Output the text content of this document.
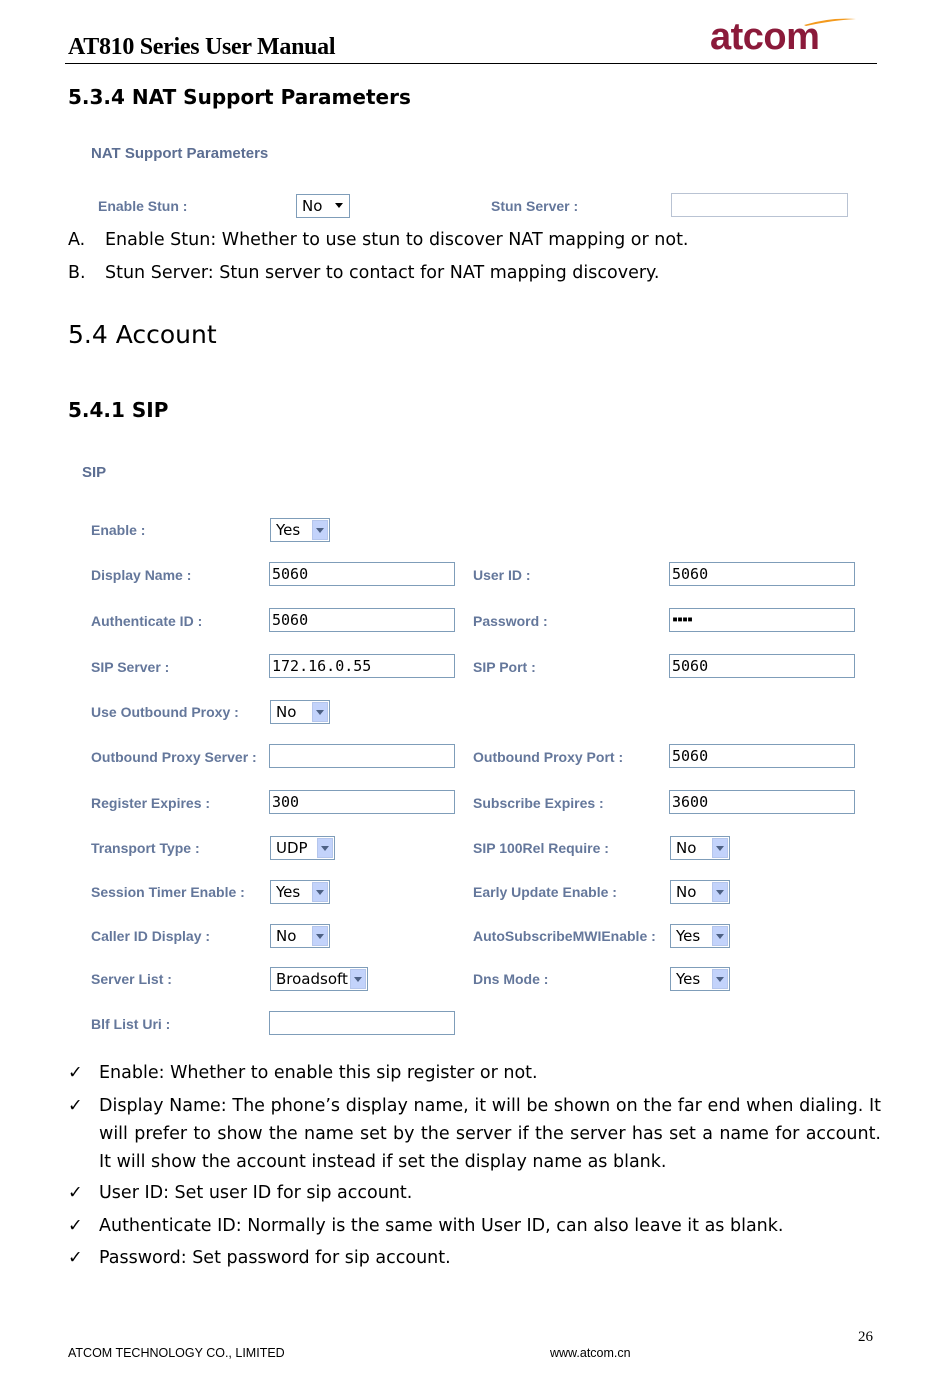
AT810 Series User Manual	atcom
5.3.4 NAT Support Parameters
NAT Support Parameters
Enable Stun :	No	Stun Server :
A. Enable Stun: Whether to use stun to discover NAT mapping or not.
B. Stun Server: Stun server to contact for NAT mapping discovery.
5.4 Account
5.4.1 SIP
SIP
Enable :	Yes
Display Name :	5060	User ID :	5060
Authenticate ID :	5060	Password :	▪▪▪▪
SIP Server :	172.16.0.55	SIP Port :	5060
Use Outbound Proxy :	No
Outbound Proxy Server :	Outbound Proxy Port :	5060
Register Expires :	300	Subscribe Expires :	3600
Transport Type :	UDP	SIP 100Rel Require :	No
Session Timer Enable :	Yes	Early Update Enable :	No
Caller ID Display :	No	AutoSubscribeMWIEnable :	Yes
Server List :	Broadsoft	Dns Mode :	Yes
Blf List Uri :
✓ Enable: Whether to enable this sip register or not.
✓ Display Name: The phone’s display name, it will be shown on the far end when dialing. It will prefer to show the name set by the server if the server has set a name for account. It will show the account instead if set the display name as blank.
✓ User ID: Set user ID for sip account.
✓ Authenticate ID: Normally is the same with User ID, can also leave it as blank.
✓ Password: Set password for sip account.
26
ATCOM TECHNOLOGY CO., LIMITED	www.atcom.cn
